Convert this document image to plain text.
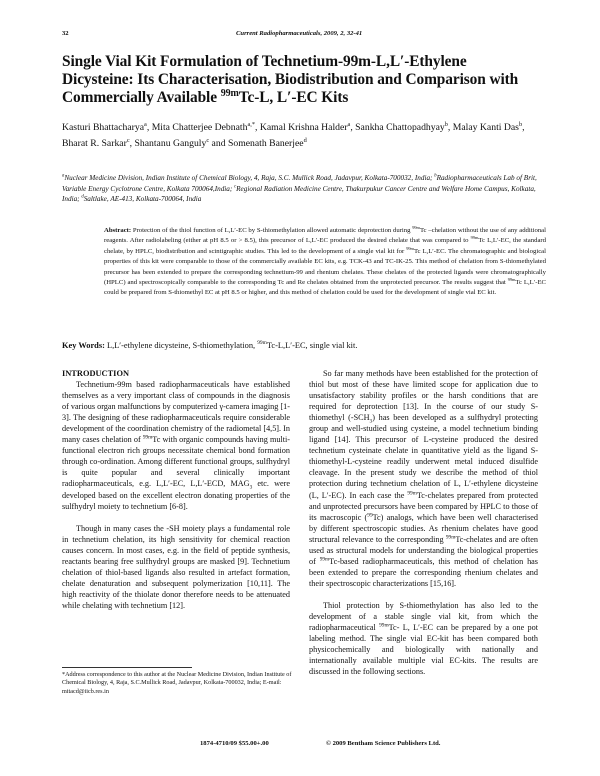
32	Current Radiopharmaceuticals, 2009, 2, 32-41
Single Vial Kit Formulation of Technetium-99m-L,L′-Ethylene Dicysteine: Its Characterisation, Biodistribution and Comparison with Commercially Available $^{99m}$Tc-L, L′-EC Kits
Kasturi Bhattacharya$^a$, Mita Chatterjee Debnath$^{a,*}$, Kamal Krishna Halder$^a$, Sankha Chattopadhyay$^b$, Malay Kanti Das$^b$, Bharat R. Sarkar$^c$, Shantanu Ganguly$^c$ and Somenath Banerjee$^d$
$^a$Nuclear Medicine Division, Indian Institute of Chemical Biology, 4, Raja, S.C. Mullick Road, Jadavpur, Kolkata-700032, India; $^b$Radiopharmaceuticals Lab of Brit, Variable Energy Cyclotrone Centre, Kolkata 700064,India; $^c$Regional Radiation Medicine Centre, Thakurpukur Cancer Centre and Welfare Home Campus, Kolkata, India; $^d$Saltlake, AE-413, Kolkata-700064, India
Abstract: Protection of the thiol function of L,L′-EC by S-thiomethylation allowed automatic deprotection during $^{99m}$Tc –chelation without the use of any additional reagents. After radiolabeling (either at pH 8.5 or > 8.5), this precursor of L,L′-EC produced the desired chelate that was compared to $^{99m}$Tc L,L′-EC, the standard chelate, by HPLC, biodistribution and scintigraphic studies. This led to the development of a single vial kit for $^{99m}$Tc L,L′-EC. The chromatographic and biological properties of this kit were comparable to those of the commercially available EC kits, e.g. TCK-43 and TC-IK-25. This method of chelation from S-thiomethylated precursor has been extended to prepare the corresponding technetium-99 and rhenium chelates. These chelates of the protected ligands were chromatographically (HPLC) and spectroscopically comparable to the corresponding Tc and Re chelates obtained from the unprotected precursor. The results suggest that $^{99m}$Tc L,L′-EC could be prepared from S-thiomethyl EC at pH 8.5 or higher, and this method of chelation could be used for the development of single vial EC kit.
Key Words: L,L′-ethylene dicysteine, S-thiomethylation, $^{99m}$Tc-L,L′-EC, single vial kit.

INTRODUCTION

Technetium-99m based radiopharmaceuticals have established themselves as a very important class of compounds in the diagnosis of various organ malfunctions by computerized γ-camera imaging [1-3]. The designing of these radiopharmaceuticals require considerable development of the coordination chemistry of the radiometal [4,5]. In many cases chelation of $^{99m}$Tc with organic compounds having multi-functional electron rich groups necessitate chemical bond formation through co-ordination. Among different functional groups, sulfhydryl is quite popular and several clinically important radiopharmaceuticals, e.g. L,L′-EC, L,L′-ECD, $MAG_3$ etc. were developed based on the excellent electron donating properties of the sulfhydryl moiety to technetium [6-8].

Though in many cases the -SH moiety plays a fundamental role in technetium chelation, its high sensitivity for chemical reaction causes concern. In most cases, e.g. in the field of peptide synthesis, reactants bearing free sulfhydryl groups are masked [9]. Technetium chelation of thiol-based ligands also resulted in artefact formation, chelate denaturation and subsequent polymerization [10,11]. The high reactivity of the thiolate donor therefore needs to be attenuated while chelating with technetium [12].

So far many methods have been established for the protection of thiol but most of these have limited scope for application due to unsatisfactory stability profiles or the harsh conditions that are required for deprotection [13]. In the course of our study S-thiomethyl $(-SCH_3)$ has been developed as a sulfhydryl protecting group and well-studied using cysteine, a model technetium binding ligand [14]. This precursor of L-cysteine produced the desired technetium cysteinate chelate in quantitative yield as the ligand S-thiomethyl-L-cysteine readily underwent metal induced disulfide cleavage. In the present study we describe the method of thiol protection during technetium chelation of L, L′-ethylene dicysteine (L, L′-EC). In each case the $^{99m}$Tc-chelates prepared from protected and unprotected precursors have been compared by HPLC to those of its macroscopic ($^{99}$Tc) analogs, which have been well characterised by different spectroscopic studies. As rhenium chelates have good structural relevance to the corresponding $^{99m}$Tc-chelates and are often used as structural models for understanding the biological properties of $^{99m}$Tc-based radiopharmaceuticals, this method of chelation has been extended to prepare the corresponding rhenium chelates and their spectroscopic characterizations [15,16].

Thiol protection by S-thiomethylation has also led to the development of a stable single vial kit, from which the radiopharmaceutical $^{99m}$Tc- L, L′-EC can be prepared by a one pot labeling method. The single vial EC-kit has been compared both physicochemically and biologically with nationally and internationally available multiple vial EC-kits. The results are discussed in the following sections.

*Address correspondence to this author at the Nuclear Medicine Division, Indian Institute of Chemical Biology, 4, Raja, S.C.Mullick Road, Jadavpur, Kolkata-700032, India; E-mail: mitacd@iicb.res.in
1874-4710/09 $55.00+.00	© 2009 Bentham Science Publishers Ltd.
